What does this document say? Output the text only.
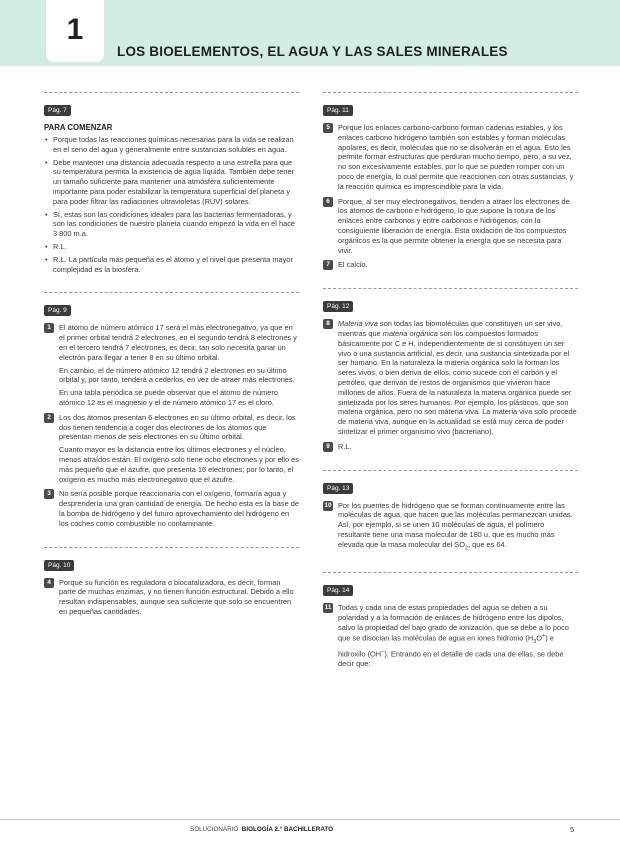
1
LOS BIOELEMENTOS, EL AGUA Y LAS SALES MINERALES
Pág. 7
PARA COMENZAR
• Porque todas las reacciones químicas necesarias para la vida se realizan en el seno del agua y generalmente entre sustancias solubles en agua.
• Debe mantener una distancia adecuada respecto a una estrella para que su temperatura permita la existencia de agua líquida. También debe tener un tamaño suficiente para mantener una atmósfera suficientemente importante para poder estabilizar la temperatura superficial del planeta y para poder filtrar las radiaciones ultravioletas (RUV) solares.
• Sí, estas son las condiciones ideales para las bacterias fermentadoras, y son las condiciones de nuestro planeta cuando empezó la vida en él hace 3 800 m.a.
• R.L.
• R.L. La partícula más pequeña es el átomo y el nivel que presenta mayor complejidad es la biosfera.
Pág. 9
1	El átomo de número atómico 17 será el más electronegativo, ya que en el primer orbital tendrá 2 electrones, en el segundo tendrá 8 electrones y en el tercero tendrá 7 electrones, es decir, tan solo necesita ganar un electrón para llegar a tener 8 en su último orbital.

En cambio, el de número atómico 12 tendrá 2 electrones en su último orbital y, por tanto, tenderá a cederlos, en vez de atraer más electrones.

En una tabla periódica se puede observar que el átomo de número atómico 12 es el magnesio y el de número atómico 17 es el cloro.

2	Los dos átomos presentan 6 electrones en su último orbital, es decir, los dos tienen tendencia a coger dos electrones de los átomos que presentan menos de seis electrones en su último orbital.

Cuanto mayor es la distancia entre los últimos electrones y el núcleo, menos atraídos están. El oxígeno solo tiene ocho electrones y por ello es más pequeño que el azufre, que presenta 16 electrones; por lo tanto, el oxígeno es mucho más electronegativo que el azufre.

3	No sería posible porque reaccionaría con el oxígeno, formaría agua y desprendería una gran cantidad de energía. De hecho esta es la base de la bomba de hidrógeno y del futuro aprovechamiento del hidrógeno en los coches como combustible no contaminante.

Pág. 10
4	Porque su función es reguladora o biocatalizadora, es decir, forman parte de muchas enzimas, y no tienen función estructural. Debido a ello resultan indispensables, aunque sea suficiente que solo se encuentren en pequeñas cantidades.

Pág. 11
5	Porque los enlaces carbono-carbono forman cadenas estables, y los enlaces carbono hidrógeno también son estables y forman moléculas apolares, es decir, moléculas que no se disolverán en el agua. Esto les permite formar estructuras que perduran mucho tiempo, pero, a su vez, no son excesivamente estables, por lo que se pueden romper con un poco de energía, lo cual permite que reaccionen con otras sustancias, y la reacción química es imprescindible para la vida.

6	Porque, al ser muy electronegativos, tienden a atraer los electrones de los átomos de carbono e hidrógeno, lo que supone la rotura de los enlaces entre carbonos y entre carbonos e hidrógenos, con la consiguiente liberación de energía. Esta oxidación de los compuestos orgánicos es la que permite obtener la energía que se necesita para vivir.

7	El calcio.

Pág. 12
8	Materia viva son todas las biomoléculas que constituyen un ser vivo, mientras que materia orgánica son los compuestos formados básicamente por C e H, independientemente de si constituyen un ser vivo o una sustancia artificial, es decir, una sustancia sintetizada por el ser humano. En la naturaleza la materia orgánica solo la forman los seres vivos, o bien deriva de ellos, como sucede con el carbón y el petróleo, que derivan de restos de organismos que vivieron hace millones de años. Fuera de la naturaleza la materia orgánica puede ser sintetizada por los seres humanos. Por ejemplo, los plásticos, que son materia orgánica, pero no son materia viva. La materia viva solo procede de materia viva, aunque en la actualidad se está muy cerca de poder sintetizar el primer organismo vivo (bacteriano).

9	R.L.

Pág. 13
10 Por los puentes de hidrógeno que se forman continuamente entre las moléculas de agua, que hacen que las moléculas permanezcan unidas. Así, por ejemplo, si se unen 10 moléculas de agua, el polímero resultante tiene una masa molecular de 180 u, que es mucho más elevada que la masa molecular del $SO_2$, que es 64.

Pág. 14
11 Todas y cada una de estas propiedades del agua se deben a su polaridad y a la formación de enlaces de hidrógeno entre los dipolos, salvo la propiedad del bajo grado de ionización, que se debe a lo poco que se disocian las moléculas de agua en iones hidronio $(H_3O^+)$ e hidroxilo (OH−). Entrando en el detalle de cada una de ellas, se debe decir que:

SOLUCIONARIO BIOLOGÍA 2.° BACHILLERATO	5
